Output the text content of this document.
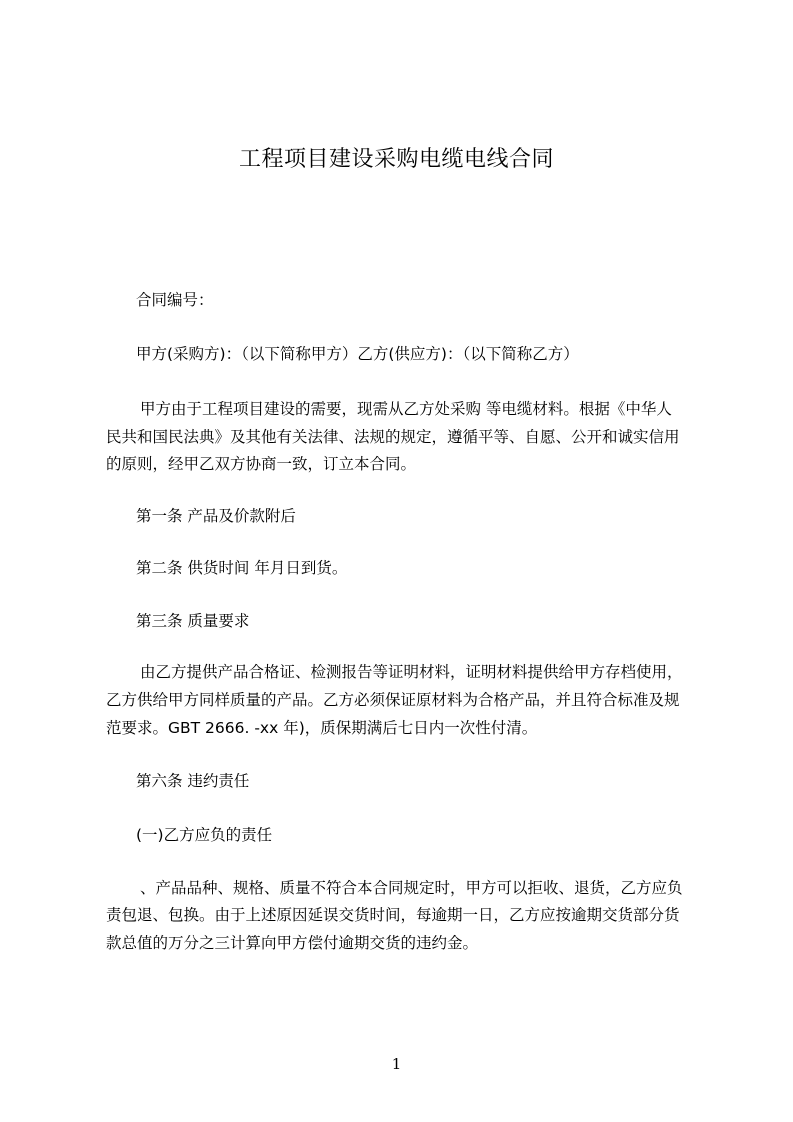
工程项目建设采购电缆电线合同
合同编号：
甲方(采购方)：（以下简称甲方）乙方(供应方)：（以下简称乙方）
甲方由于工程项目建设的需要，现需从乙方处采购 等电缆材料。根据《中华人
民共和国民法典》及其他有关法律、法规的规定，遵循平等、自愿、公开和诚实信用
的原则，经甲乙双方协商一致，订立本合同。
第一条 产品及价款附后
第二条 供货时间 年月日到货。
第三条 质量要求
由乙方提供产品合格证、检测报告等证明材料，证明材料提供给甲方存档使用，
乙方供给甲方同样质量的产品。乙方必须保证原材料为合格产品，并且符合标准及规
范要求。GBT 2666. -xx 年)，质保期满后七日内一次性付清。
第六条 违约责任
(一)乙方应负的责任
、产品品种、规格、质量不符合本合同规定时，甲方可以拒收、退货，乙方应负
责包退、包换。由于上述原因延误交货时间，每逾期一日，乙方应按逾期交货部分货
款总值的万分之三计算向甲方偿付逾期交货的违约金。
1
